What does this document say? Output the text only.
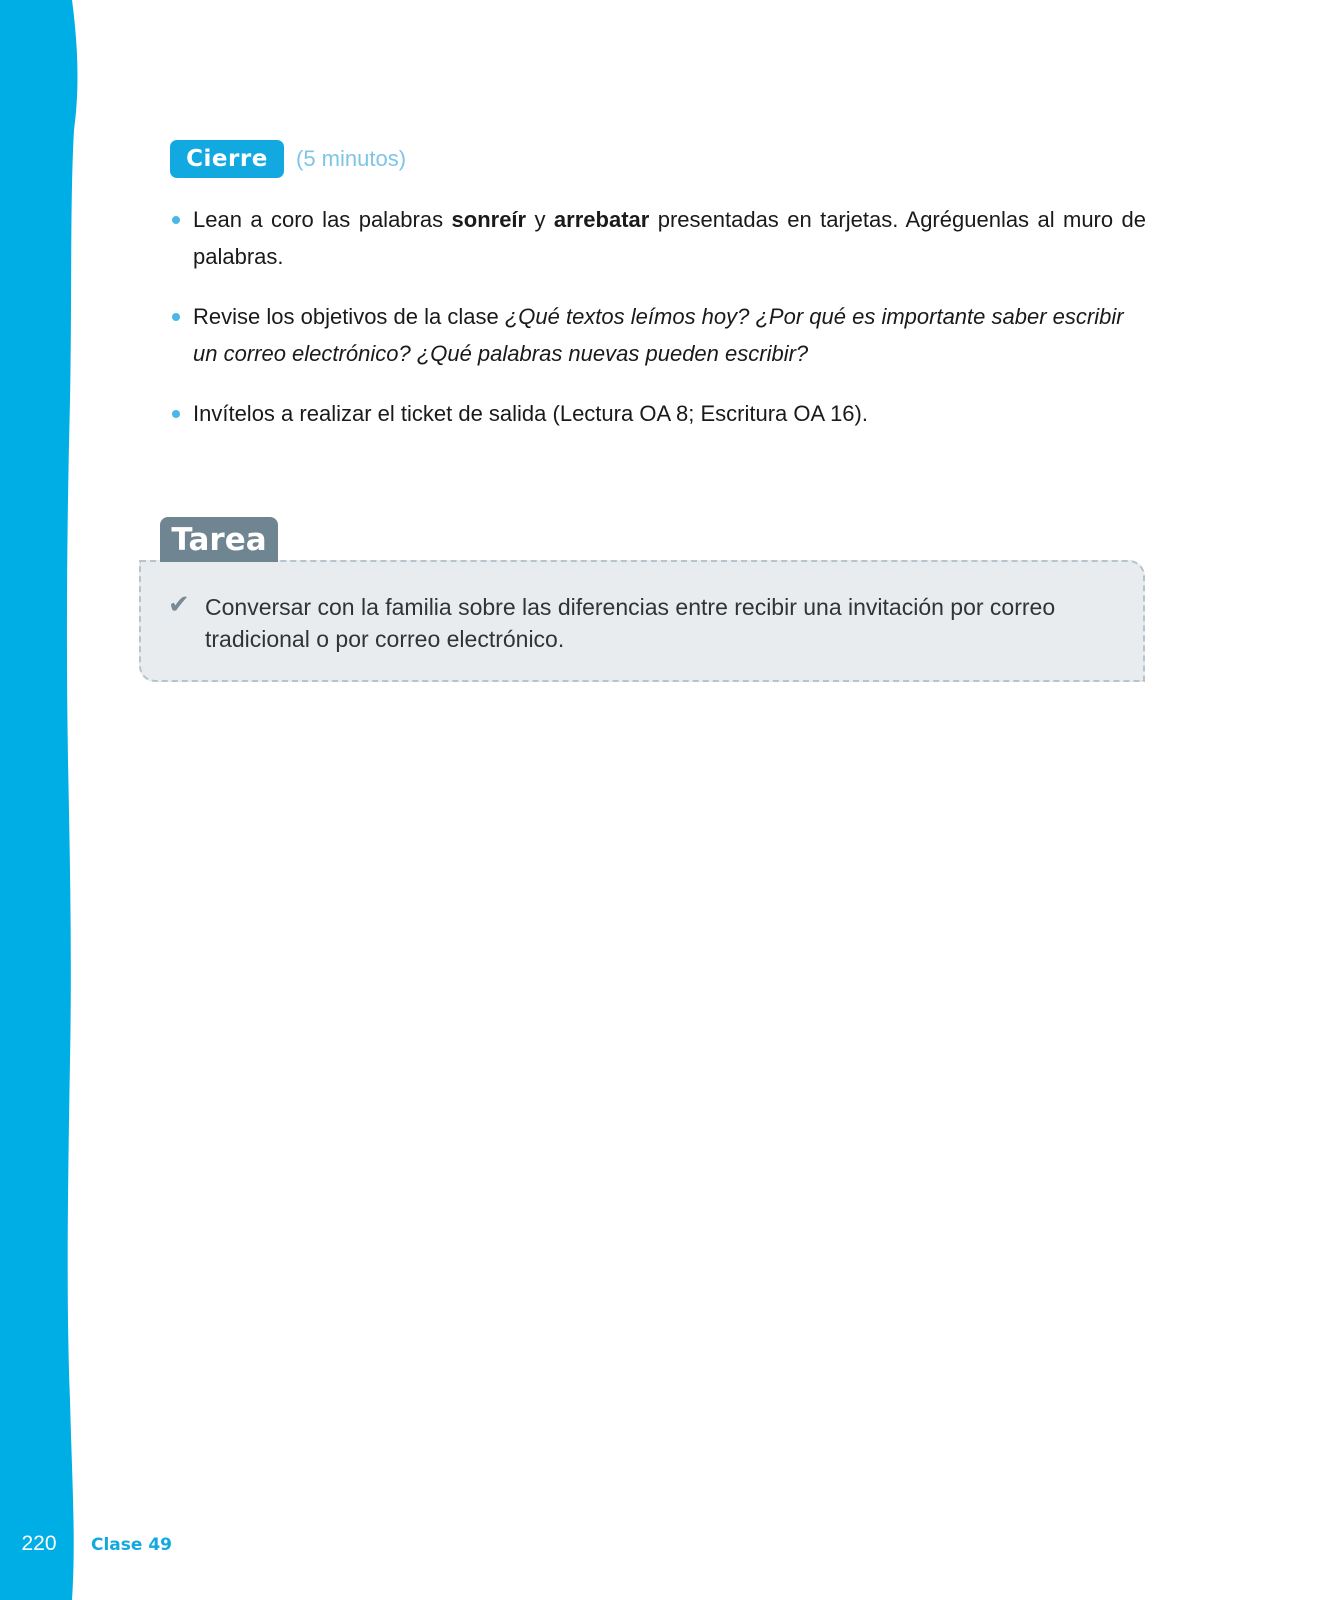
220	Clase 49
Cierre	(5 minutos)
Lean a coro las palabras sonreír y arrebatar presentadas en tarjetas. Agréguenlas al muro de palabras.
Revise los objetivos de la clase ¿Qué textos leímos hoy? ¿Por qué es importante saber escribir un correo electrónico? ¿Qué palabras nuevas pueden escribir?
Invítelos a realizar el ticket de salida (Lectura OA 8; Escritura OA 16).
✔ Conversar con la familia sobre las diferencias entre recibir una invitación por correo tradicional o por correo electrónico.
Tarea
